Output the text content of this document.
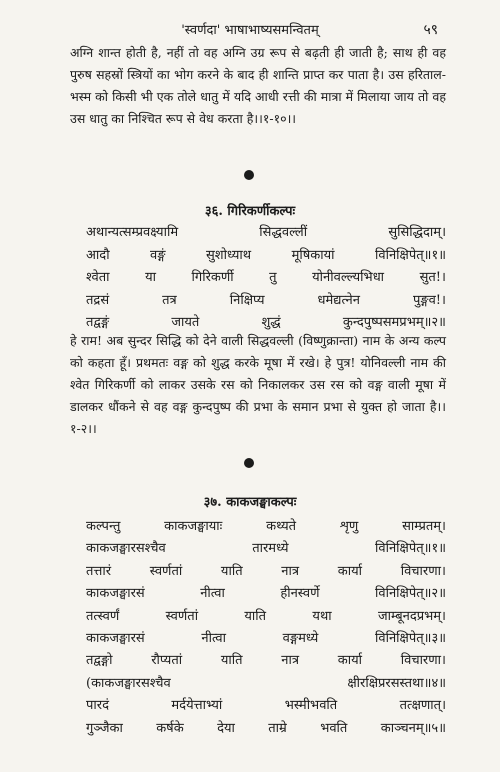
'स्वर्णदा' भाषाभाष्यसमन्वितम्	५९
अग्नि शान्त होती है, नहीं तो वह अग्नि उग्र रूप से बढ़ती ही जाती है; साथ ही वह पुरुष सहस्रों स्त्रियों का भोग करने के बाद ही शान्ति प्राप्त कर पाता है। उस हरिताल-भस्म को किसी भी एक तोले धातु में यदि आधी रत्ती की मात्रा में मिलाया जाय तो वह उस धातु का निश्चित रूप से वेध करता है।।१-१०।।
३६. गिरिकर्णीकल्पः
अथान्यत्सम्प्रवक्ष्यामि	सिद्धवल्लीं	सुसिद्धिदाम्।
आदौ	वङ्गं	सुशोध्याथ	मूषिकायां	विनिक्षिपेत्॥१॥
श्वेता	या	गिरिकर्णी	तु	योनीवल्ल्यभिधा	सुत!।
तद्रसं	तत्र	निक्षिप्य	धमेद्यत्नेन	पुङ्गव!।
तद्वङ्गं	जायते	शुद्धं	कुन्दपुष्पसमप्रभम्॥२॥
हे राम! अब सुन्दर सिद्धि को देने वाली सिद्धवल्ली (विष्णुक्रान्ता) नाम के अन्य कल्प को कहता हूँ। प्रथमतः वङ्ग को शुद्ध करके मूषा में रखे। हे पुत्र! योनिवल्ली नाम की श्वेत गिरिकर्णी को लाकर उसके रस को निकालकर उस रस को वङ्ग वाली मूषा में डालकर धौंकने से वह वङ्ग कुन्दपुष्प की प्रभा के समान प्रभा से युक्त हो जाता है।।१-२।।
३७. काकजङ्घाकल्पः
कल्पन्तु	काकजङ्घायाः	कथ्यते	शृणु	साम्प्रतम्।
काकजङ्घारसश्चैव	तारमध्ये	विनिक्षिपेत्॥१॥
तत्तारं	स्वर्णतां	याति	नात्र	कार्या	विचारणा।
काकजङ्घारसं	नीत्वा	हीनस्वर्णे	विनिक्षिपेत्॥२॥
तत्स्वर्णं	स्वर्णतां	याति	यथा	जाम्बूनदप्रभम्।
काकजङ्घारसं	नीत्वा	वङ्गमध्ये	विनिक्षिपेत्॥३॥
तद्वङ्गो	रौप्यतां	याति	नात्र	कार्या	विचारणा।
(काकजङ्घारसश्चैव	क्षीरक्षिप्ररसस्तथा॥४॥
पारदं	मर्दयेत्ताभ्यां	भस्मीभवति	तत्क्षणात्।
गुञ्जैका	कर्षके	देया	ताम्रे	भवति	काञ्चनम्॥५॥
